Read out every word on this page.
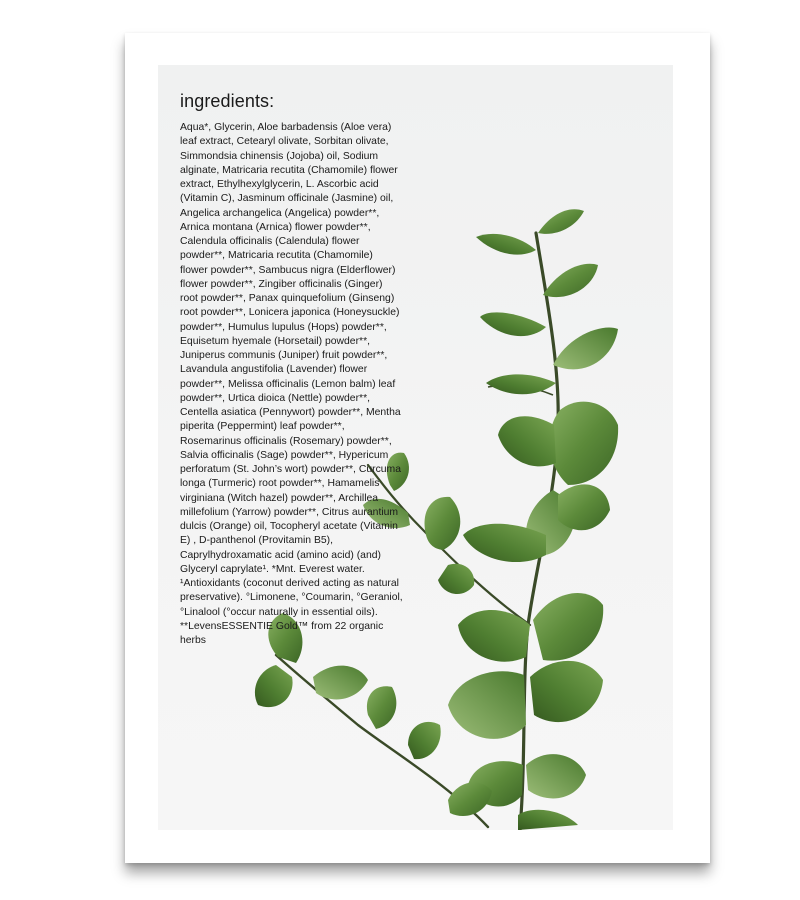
ingredients:

Aqua*, Glycerin, Aloe barbadensis (Aloe vera)
leaf extract, Cetearyl olivate, Sorbitan olivate,
Simmondsia chinensis (Jojoba) oil, Sodium
alginate, Matricaria recutita (Chamomile) flower
extract, Ethylhexylglycerin, L. Ascorbic acid
(Vitamin C), Jasminum officinale (Jasmine) oil,
Angelica archangelica (Angelica) powder**,
Arnica montana (Arnica) flower powder**,
Calendula officinalis (Calendula) flower
powder**, Matricaria recutita (Chamomile)
flower powder**, Sambucus nigra (Elderflower)
flower powder**, Zingiber officinalis (Ginger)
root powder**, Panax quinquefolium (Ginseng)
root powder**, Lonicera japonica (Honeysuckle)
powder**, Humulus lupulus (Hops) powder**,
Equisetum hyemale (Horsetail) powder**,
Juniperus communis (Juniper) fruit powder**,
Lavandula angustifolia (Lavender) flower
powder**, Melissa officinalis (Lemon balm) leaf
powder**, Urtica dioica (Nettle) powder**,
Centella asiatica (Pennywort) powder**, Mentha
piperita (Peppermint) leaf powder**,
Rosemarinus officinalis (Rosemary) powder**,
Salvia officinalis (Sage) powder**, Hypericum
perforatum (St. John’s wort) powder**, Curcuma
longa (Turmeric) root powder**, Hamamelis
virginiana (Witch hazel) powder**, Archillea
millefolium (Yarrow) powder**, Citrus aurantium
dulcis (Orange) oil, Tocopheryl acetate (Vitamin
E) , D-panthenol (Provitamin B5),
Caprylhydroxamatic acid (amino acid) (and)
Glyceryl caprylate¹. *Mnt. Everest water.
¹Antioxidants (coconut derived acting as natural
preservative). °Limonene, °Coumarin, °Geraniol,
°Linalool (°occur naturally in essential oils).
**LevensESSENTIE Gold™ from 22 organic
herbs
